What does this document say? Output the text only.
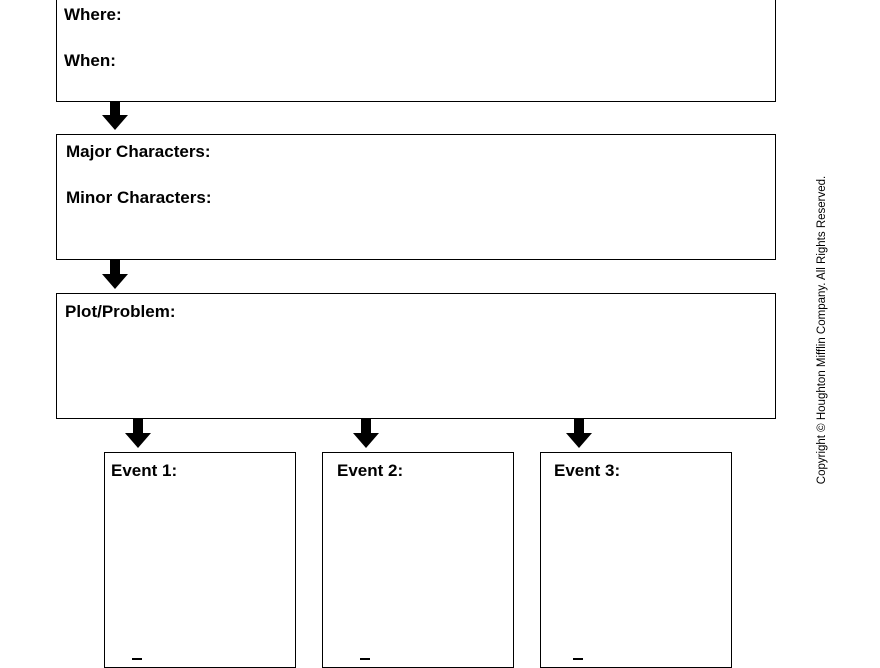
Where:
When:
Major Characters:
Minor Characters:
Plot/Problem:
Event 1:	Event 2:	Event 3:	Copyright © Houghton Mifflin Company. All Rights Reserved.
